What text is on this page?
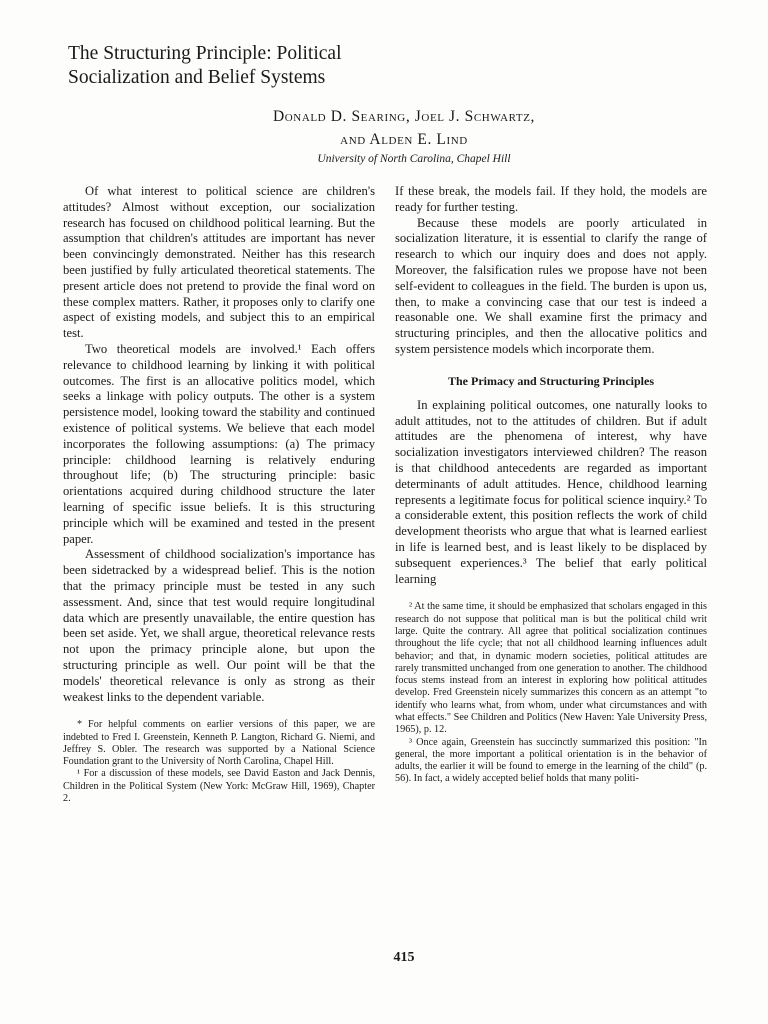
The Structuring Principle: Political
Socialization and Belief Systems
Donald D. Searing, Joel J. Schwartz,
and Alden E. Lind
University of North Carolina, Chapel Hill

Of what interest to political science are children's attitudes? Almost without exception, our socialization research has focused on childhood political learning. But the assumption that children's attitudes are important has never been convincingly demonstrated. Neither has this research been justified by fully articulated theoretical statements. The present article does not pretend to provide the final word on these complex matters. Rather, it proposes only to clarify one aspect of existing models, and subject this to an empirical test.

Two theoretical models are involved.¹ Each offers relevance to childhood learning by linking it with political outcomes. The first is an allocative politics model, which seeks a linkage with policy outputs. The other is a system persistence model, looking toward the stability and continued existence of political systems. We believe that each model incorporates the following assumptions: (a) The primacy principle: childhood learning is relatively enduring throughout life; (b) The structuring principle: basic orientations acquired during childhood structure the later learning of specific issue beliefs. It is this structuring principle which will be examined and tested in the present paper.

Assessment of childhood socialization's importance has been sidetracked by a widespread belief. This is the notion that the primacy principle must be tested in any such assessment. And, since that test would require longitudinal data which are presently unavailable, the entire question has been set aside. Yet, we shall argue, theoretical relevance rests not upon the primacy principle alone, but upon the structuring principle as well. Our point will be that the models' theoretical relevance is only as strong as their weakest links to the dependent variable.

* For helpful comments on earlier versions of this paper, we are indebted to Fred I. Greenstein, Kenneth P. Langton, Richard G. Niemi, and Jeffrey S. Obler. The research was supported by a National Science Foundation grant to the University of North Carolina, Chapel Hill.

¹ For a discussion of these models, see David Easton and Jack Dennis, Children in the Political System (New York: McGraw Hill, 1969), Chapter 2.

If these break, the models fail. If they hold, the models are ready for further testing.

Because these models are poorly articulated in socialization literature, it is essential to clarify the range of research to which our inquiry does and does not apply. Moreover, the falsification rules we propose have not been self-evident to colleagues in the field. The burden is upon us, then, to make a convincing case that our test is indeed a reasonable one. We shall examine first the primacy and structuring principles, and then the allocative politics and system persistence models which incorporate them.

The Primacy and Structuring Principles

In explaining political outcomes, one naturally looks to adult attitudes, not to the attitudes of children. But if adult attitudes are the phenomena of interest, why have socialization investigators interviewed children? The reason is that childhood antecedents are regarded as important determinants of adult attitudes. Hence, childhood learning represents a legitimate focus for political science inquiry.² To a considerable extent, this position reflects the work of child development theorists who argue that what is learned earliest in life is learned best, and is least likely to be displaced by subsequent experiences.³ The belief that early political learning

² At the same time, it should be emphasized that scholars engaged in this research do not suppose that political man is but the political child writ large. Quite the contrary. All agree that political socialization continues throughout the life cycle; that not all childhood learning influences adult behavior; and that, in dynamic modern societies, political attitudes are rarely transmitted unchanged from one generation to another. The childhood focus stems instead from an interest in exploring how political attitudes develop. Fred Greenstein nicely summarizes this concern as an attempt "to identify who learns what, from whom, under what circumstances and with what effects." See Children and Politics (New Haven: Yale University Press, 1965), p. 12.

³ Once again, Greenstein has succinctly summarized this position: "In general, the more important a political orientation is in the behavior of adults, the earlier it will be found to emerge in the learning of the child" (p. 56). In fact, a widely accepted belief holds that many politi-

415
